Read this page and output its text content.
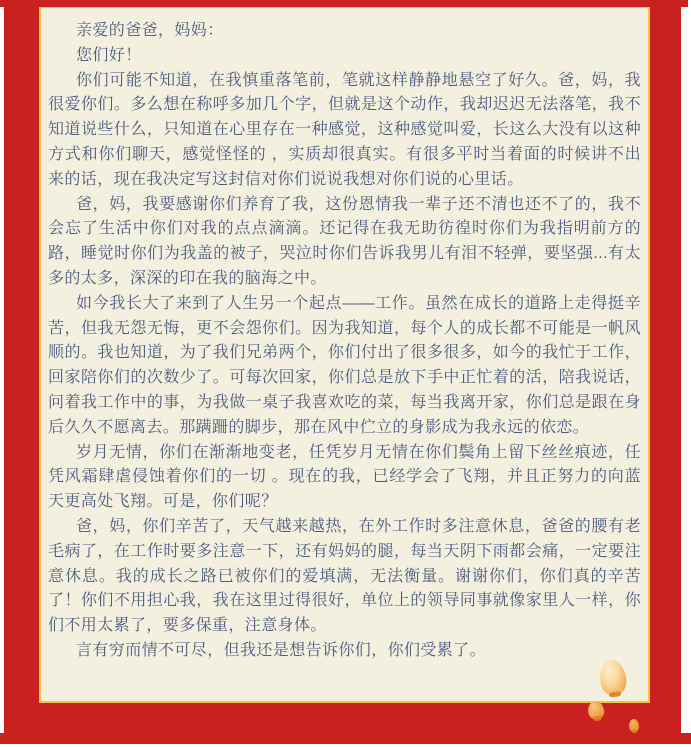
亲爱的爸爸，妈妈：

您们好！

你们可能不知道，在我慎重落笔前，笔就这样静静地悬空了好久。爸，妈，我很爱你们。多么想在称呼多加几个字，但就是这个动作，我却迟迟无法落笔，我不知道说些什么，只知道在心里存在一种感觉，这种感觉叫爱，长这么大没有以这种方式和你们聊天，感觉怪怪的 ，实质却很真实。有很多平时当着面的时候讲不出来的话，现在我决定写这封信对你们说说我想对你们说的心里话。

爸，妈，我要感谢你们养育了我，这份恩情我一辈子还不清也还不了的，我不会忘了生活中你们对我的点点滴滴。还记得在我无助彷徨时你们为我指明前方的路，睡觉时你们为我盖的被子，哭泣时你们告诉我男儿有泪不轻弹，要坚强...有太多的太多，深深的印在我的脑海之中。

如今我长大了来到了人生另一个起点——工作。虽然在成长的道路上走得挺辛苦，但我无怨无悔，更不会怨你们。因为我知道，每个人的成长都不可能是一帆风顺的。我也知道，为了我们兄弟两个，你们付出了很多很多，如今的我忙于工作，回家陪你们的次数少了。可每次回家，你们总是放下手中正忙着的活，陪我说话，问着我工作中的事，为我做一桌子我喜欢吃的菜，每当我离开家，你们总是跟在身后久久不愿离去。那蹒跚的脚步，那在风中伫立的身影成为我永远的依恋。

岁月无情，你们在渐渐地变老，任凭岁月无情在你们鬓角上留下丝丝痕迹，任凭风霜肆虐侵蚀着你们的一切 。现在的我，已经学会了飞翔，并且正努力的向蓝天更高处飞翔。可是，你们呢？

爸，妈，你们辛苦了，天气越来越热，在外工作时多注意休息，爸爸的腰有老毛病了，在工作时要多注意一下，还有妈妈的腿，每当天阴下雨都会痛，一定要注意休息。我的成长之路已被你们的爱填满，无法衡量。谢谢你们，你们真的辛苦了！你们不用担心我，我在这里过得很好，单位上的领导同事就像家里人一样，你们不用太累了，要多保重，注意身体。

言有穷而情不可尽，但我还是想告诉你们，你们受累了。
